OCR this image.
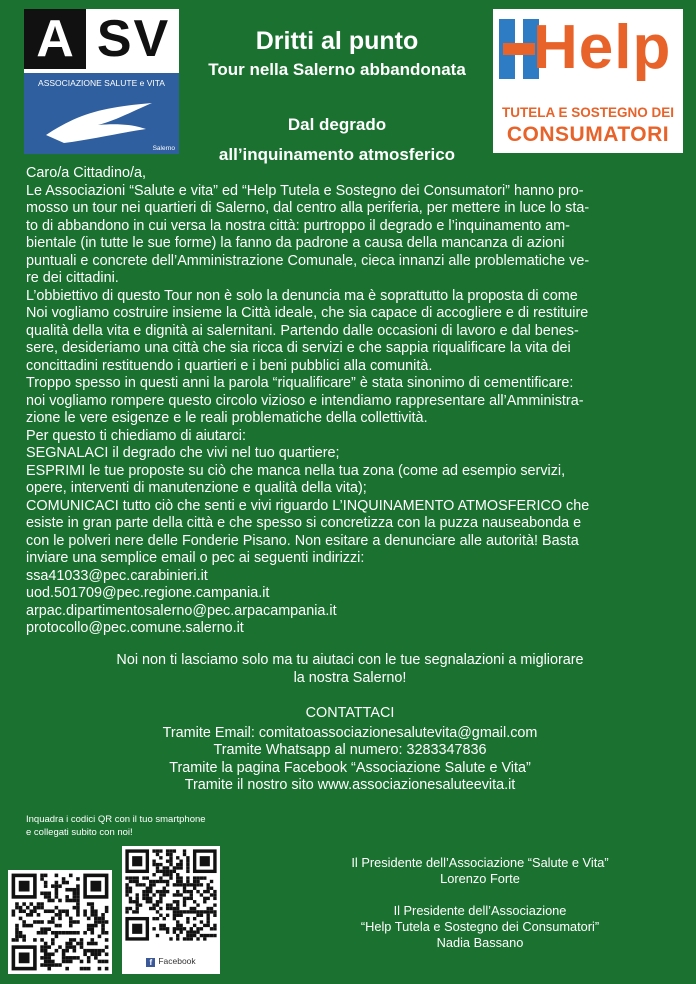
A SV
ASSOCIAZIONE SALUTE e VITA
Salerno
Dritti al punto
Tour nella Salerno abbandonata
Dal degrado
all’inquinamento atmosferico
Help
TUTELA E SOSTEGNO DEI
CONSUMATORI
Caro/a Cittadino/a,
Le Associazioni “Salute e vita” ed “Help Tutela e Sostegno dei Consumatori” hanno pro-
mosso un tour nei quartieri di Salerno, dal centro alla periferia, per mettere in luce lo sta-
to di abbandono in cui versa la nostra città: purtroppo il degrado e l’inquinamento am-
bientale (in tutte le sue forme) la fanno da padrone a causa della mancanza di azioni
puntuali e concrete dell’Amministrazione Comunale, cieca innanzi alle problematiche ve-
re dei cittadini.
L’obbiettivo di questo Tour non è solo la denuncia ma è soprattutto la proposta di come
Noi vogliamo costruire insieme la Città ideale, che sia capace di accogliere e di restituire
qualità della vita e dignità ai salernitani. Partendo dalle occasioni di lavoro e dal benes-
sere, desideriamo una città che sia ricca di servizi e che sappia riqualificare la vita dei
concittadini restituendo i quartieri e i beni pubblici alla comunità.
Troppo spesso in questi anni la parola “riqualificare” è stata sinonimo di cementificare:
noi vogliamo rompere questo circolo vizioso e intendiamo rappresentare all’Amministra-
zione le vere esigenze e le reali problematiche della collettività.
Per questo ti chiediamo di aiutarci:
SEGNALACI il degrado che vivi nel tuo quartiere;
ESPRIMI le tue proposte su ciò che manca nella tua zona (come ad esempio servizi,
opere, interventi di manutenzione e qualità della vita);
COMUNICACI tutto ciò che senti e vivi riguardo L’INQUINAMENTO ATMOSFERICO che
esiste in gran parte della città e che spesso si concretizza con la puzza nauseabonda e
con le polveri nere delle Fonderie Pisano. Non esitare a denunciare alle autorità! Basta
inviare una semplice email o pec ai seguenti indirizzi:
ssa41033@pec.carabinieri.it
uod.501709@pec.regione.campania.it
arpac.dipartimentosalerno@pec.arpacampania.it
protocollo@pec.comune.salerno.it
Noi non ti lasciamo solo ma tu aiutaci con le tue segnalazioni a migliorare
la nostra Salerno!
CONTATTACI
Tramite Email: comitatoassociazionesalutevita@gmail.com
Tramite Whatsapp al numero: 3283347836
Tramite la pagina Facebook “Associazione Salute e Vita”
Tramite il nostro sito www.associazionesaluteevita.it
Inquadra i codici QR con il tuo smartphone
e collegati subito con noi!
f Facebook
Il Presidente dell’Associazione “Salute e Vita”
Lorenzo Forte
Il Presidente dell’Associazione
“Help Tutela e Sostegno dei Consumatori”
Nadia Bassano
